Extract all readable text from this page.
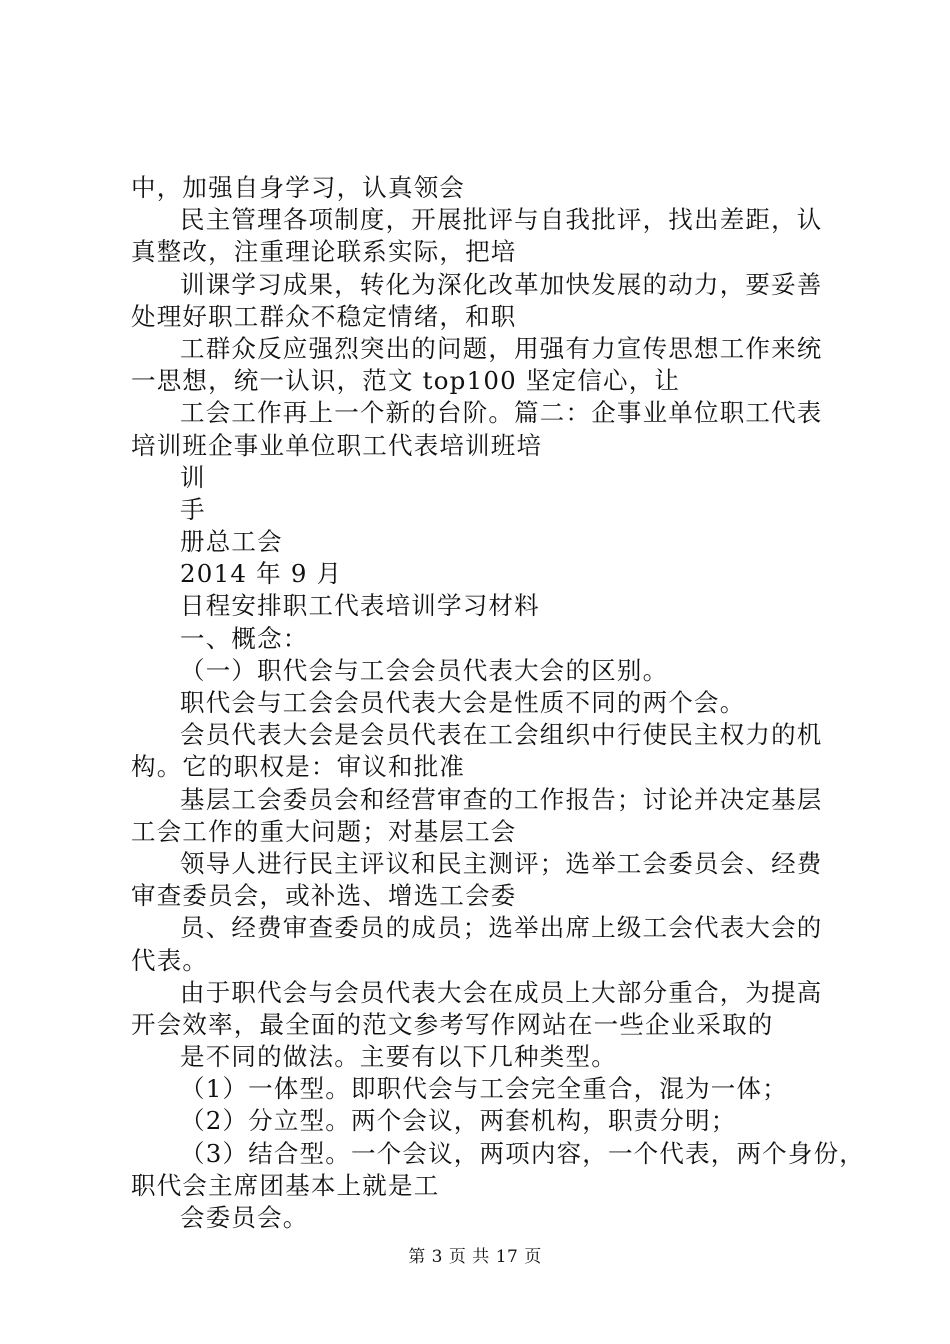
中，加强自身学习，认真领会
民主管理各项制度，开展批评与自我批评，找出差距，认
真整改，注重理论联系实际，把培
训课学习成果，转化为深化改革加快发展的动力，要妥善
处理好职工群众不稳定情绪，和职
工群众反应强烈突出的问题，用强有力宣传思想工作来统
一思想，统一认识，范文 top100 坚定信心，让
工会工作再上一个新的台阶。篇二：企事业单位职工代表
培训班企事业单位职工代表培训班培
训
手
册总工会
2014 年 9 月
日程安排职工代表培训学习材料
一、概念：
（一）职代会与工会会员代表大会的区别。
职代会与工会会员代表大会是性质不同的两个会。
会员代表大会是会员代表在工会组织中行使民主权力的机
构。它的职权是：审议和批准
基层工会委员会和经营审查的工作报告；讨论并决定基层
工会工作的重大问题；对基层工会
领导人进行民主评议和民主测评；选举工会委员会、经费
审查委员会，或补选、增选工会委
员、经费审查委员的成员；选举出席上级工会代表大会的
代表。
由于职代会与会员代表大会在成员上大部分重合，为提高
开会效率，最全面的范文参考写作网站在一些企业采取的
是不同的做法。主要有以下几种类型。
（1）一体型。即职代会与工会完全重合，混为一体；
（2）分立型。两个会议，两套机构，职责分明；
（3）结合型。一个会议，两项内容，一个代表，两个身份，
职代会主席团基本上就是工
会委员会。
第 3 页 共 17 页
